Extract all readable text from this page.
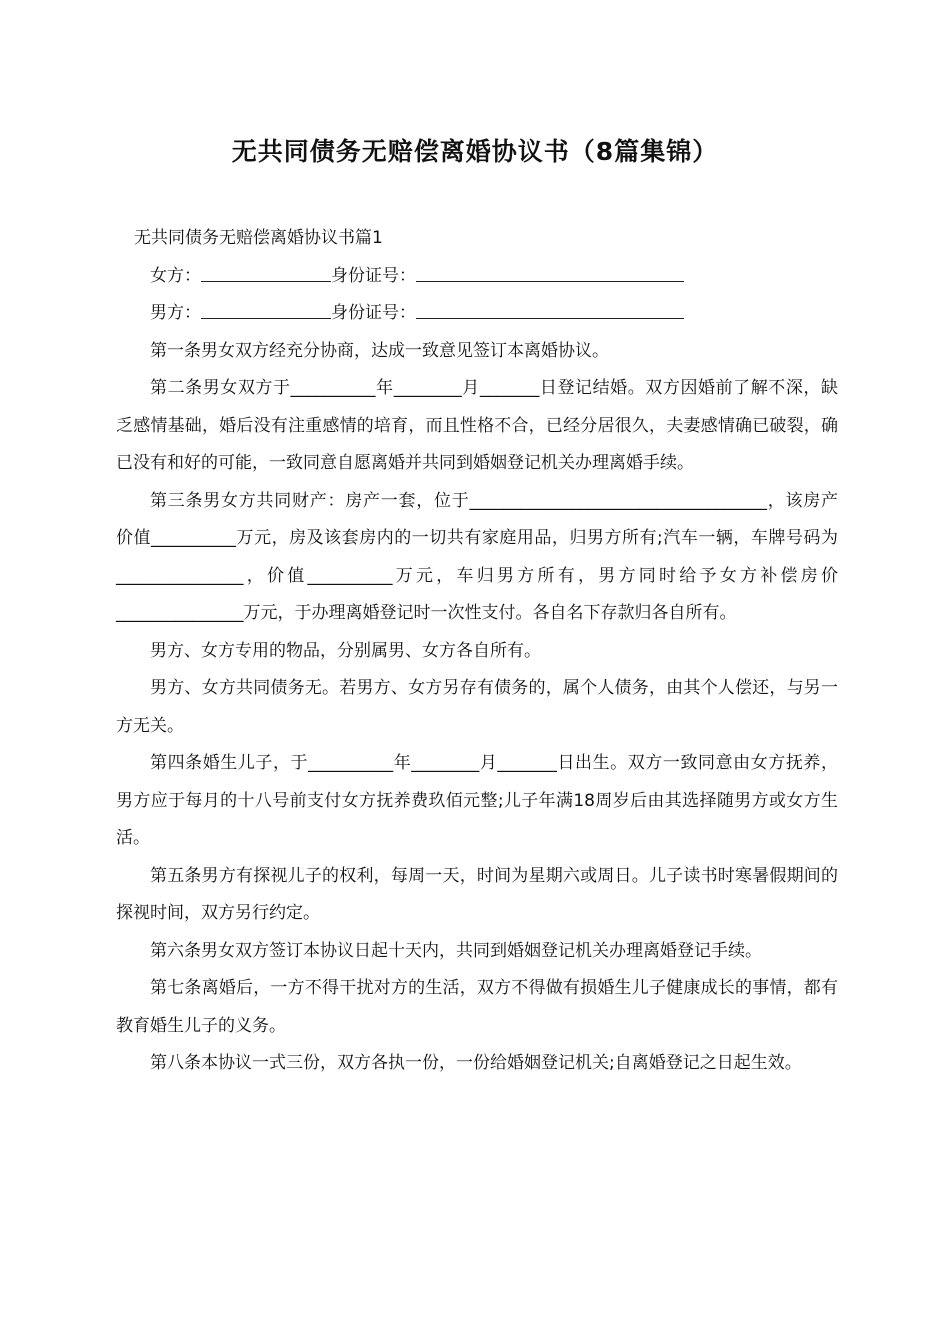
无共同债务无赔偿离婚协议书（8篇集锦）
无共同债务无赔偿离婚协议书篇1

女方：	身份证号：

男方：	身份证号：

第一条男女双方经充分协商，达成一致意见签订本离婚协议。

第二条男女双方于__________年________月_______日登记结婚。双方因婚前了解不深，缺乏感情基础，婚后没有注重感情的培育，而且性格不合，已经分居很久，夫妻感情确已破裂，确已没有和好的可能，一致同意自愿离婚并共同到婚姻登记机关办理离婚手续。

第三条男女方共同财产：房产一套，位于___________________________________，该房产价值__________万元，房及该套房内的一切共有家庭用品，归男方所有;汽车一辆，车牌号码为_______________，价值__________万元，车归男方所有，男方同时给予女方补偿房价_______________万元，于办理离婚登记时一次性支付。各自名下存款归各自所有。

男方、女方专用的物品，分别属男、女方各自所有。

男方、女方共同债务无。若男方、女方另存有债务的，属个人债务，由其个人偿还，与另一方无关。

第四条婚生儿子，于__________年________月_______日出生。双方一致同意由女方抚养，男方应于每月的十八号前支付女方抚养费玖佰元整;儿子年满18周岁后由其选择随男方或女方生活。

第五条男方有探视儿子的权利，每周一天，时间为星期六或周日。儿子读书时寒暑假期间的探视时间，双方另行约定。

第六条男女双方签订本协议日起十天内，共同到婚姻登记机关办理离婚登记手续。

第七条离婚后，一方不得干扰对方的生活，双方不得做有损婚生儿子健康成长的事情，都有教育婚生儿子的义务。

第八条本协议一式三份，双方各执一份，一份给婚姻登记机关;自离婚登记之日起生效。
